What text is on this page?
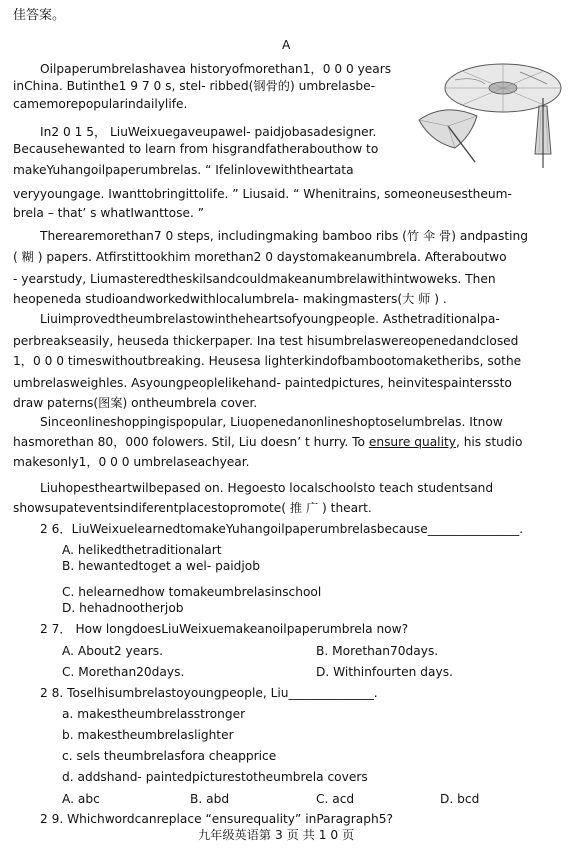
佳答案。
A
Oilpaperumbrelashavea historyofmorethan1，0 0 0 years
inChina. Butinthe1 9 7 0 s, stel- ribbed(钢骨的) umbrelasbe-
camemorepopularindailylife.
In2 0 1 5， LiuWeixuegaveupawel- paidjobasadesigner.
Becausehewanted to learn from hisgrandfatherabouthow to
makeYuhangoilpaperumbrelas. “ Ifelinlovewiththeartata
veryyoungage. Iwanttobringittolife. ” Liusaid. “ Whenitrains, someoneusestheum-
brela – that’ s whatIwanttose. ”
Therearemorethan7 0 steps, includingmaking bamboo ribs (竹 伞 骨) andpasting
( 糊 ) papers. Atfirstittookhim morethan2 0 daystomakeanumbrela. Afteraboutwo
- yearstudy, Liumasteredtheskilsandcouldmakeanumbrelawithintwoweks. Then
heopeneda studioandworkedwithlocalumbrela- makingmasters(大 师 ) .
Liuimprovedtheumbrelastowintheheartsofyoungpeople. Asthetraditionalpa-
perbreakseasily, heuseda thickerpaper. Ina test hisumbrelaswereopenedandclosed
1，0 0 0 timeswithoutbreaking. Heusesa lighterkindofbambootomaketheribs, sothe
umbrelasweighles. Asyoungpeoplelikehand- paintedpictures, heinvitespainterssto
draw paterns(图案) ontheumbrela cover.
Sinceonlineshoppingispopular, Liuopenedanonlineshoptoselumbrelas. Itnow
hasmorethan 80，000 folowers. Stil, Liu doesn’ t hurry. To ensure quality, his studio
makesonly1，0 0 0 umbrelaseachyear.
Liuhopestheartwilbepased on. Hegoesto localschoolsto teach studentsand
showsupateventsindiferentplacestopromote( 推 广 ) theart.
2 6．LiuWeixuelearnedtomakeYuhangoilpaperumbrelasbecause_______________.
A. helikedthetraditionalart
B. hewantedtoget a wel- paidjob
C. helearnedhow tomakeumbrelasinschool
D. hehadnootherjob
2 7． How longdoesLiuWeixuemakeanoilpaperumbrela now?
A. About2 years.	B. Morethan70days.
C. Morethan20days.	D. Withinfourten days.
2 8. Toselhisumbrelastoyoungpeople, Liu______________.
a. makestheumbrelasstronger
b. makestheumbrelaslighter
c. sels theumbrelasfora cheapprice
d. addshand- paintedpicturestotheumbrela covers
A. abc	B. abd	C. acd	D. bcd
2 9. Whichwordcanreplace “ensurequality” inParagraph5?
九年级英语第 3 页 共 1 0 页
